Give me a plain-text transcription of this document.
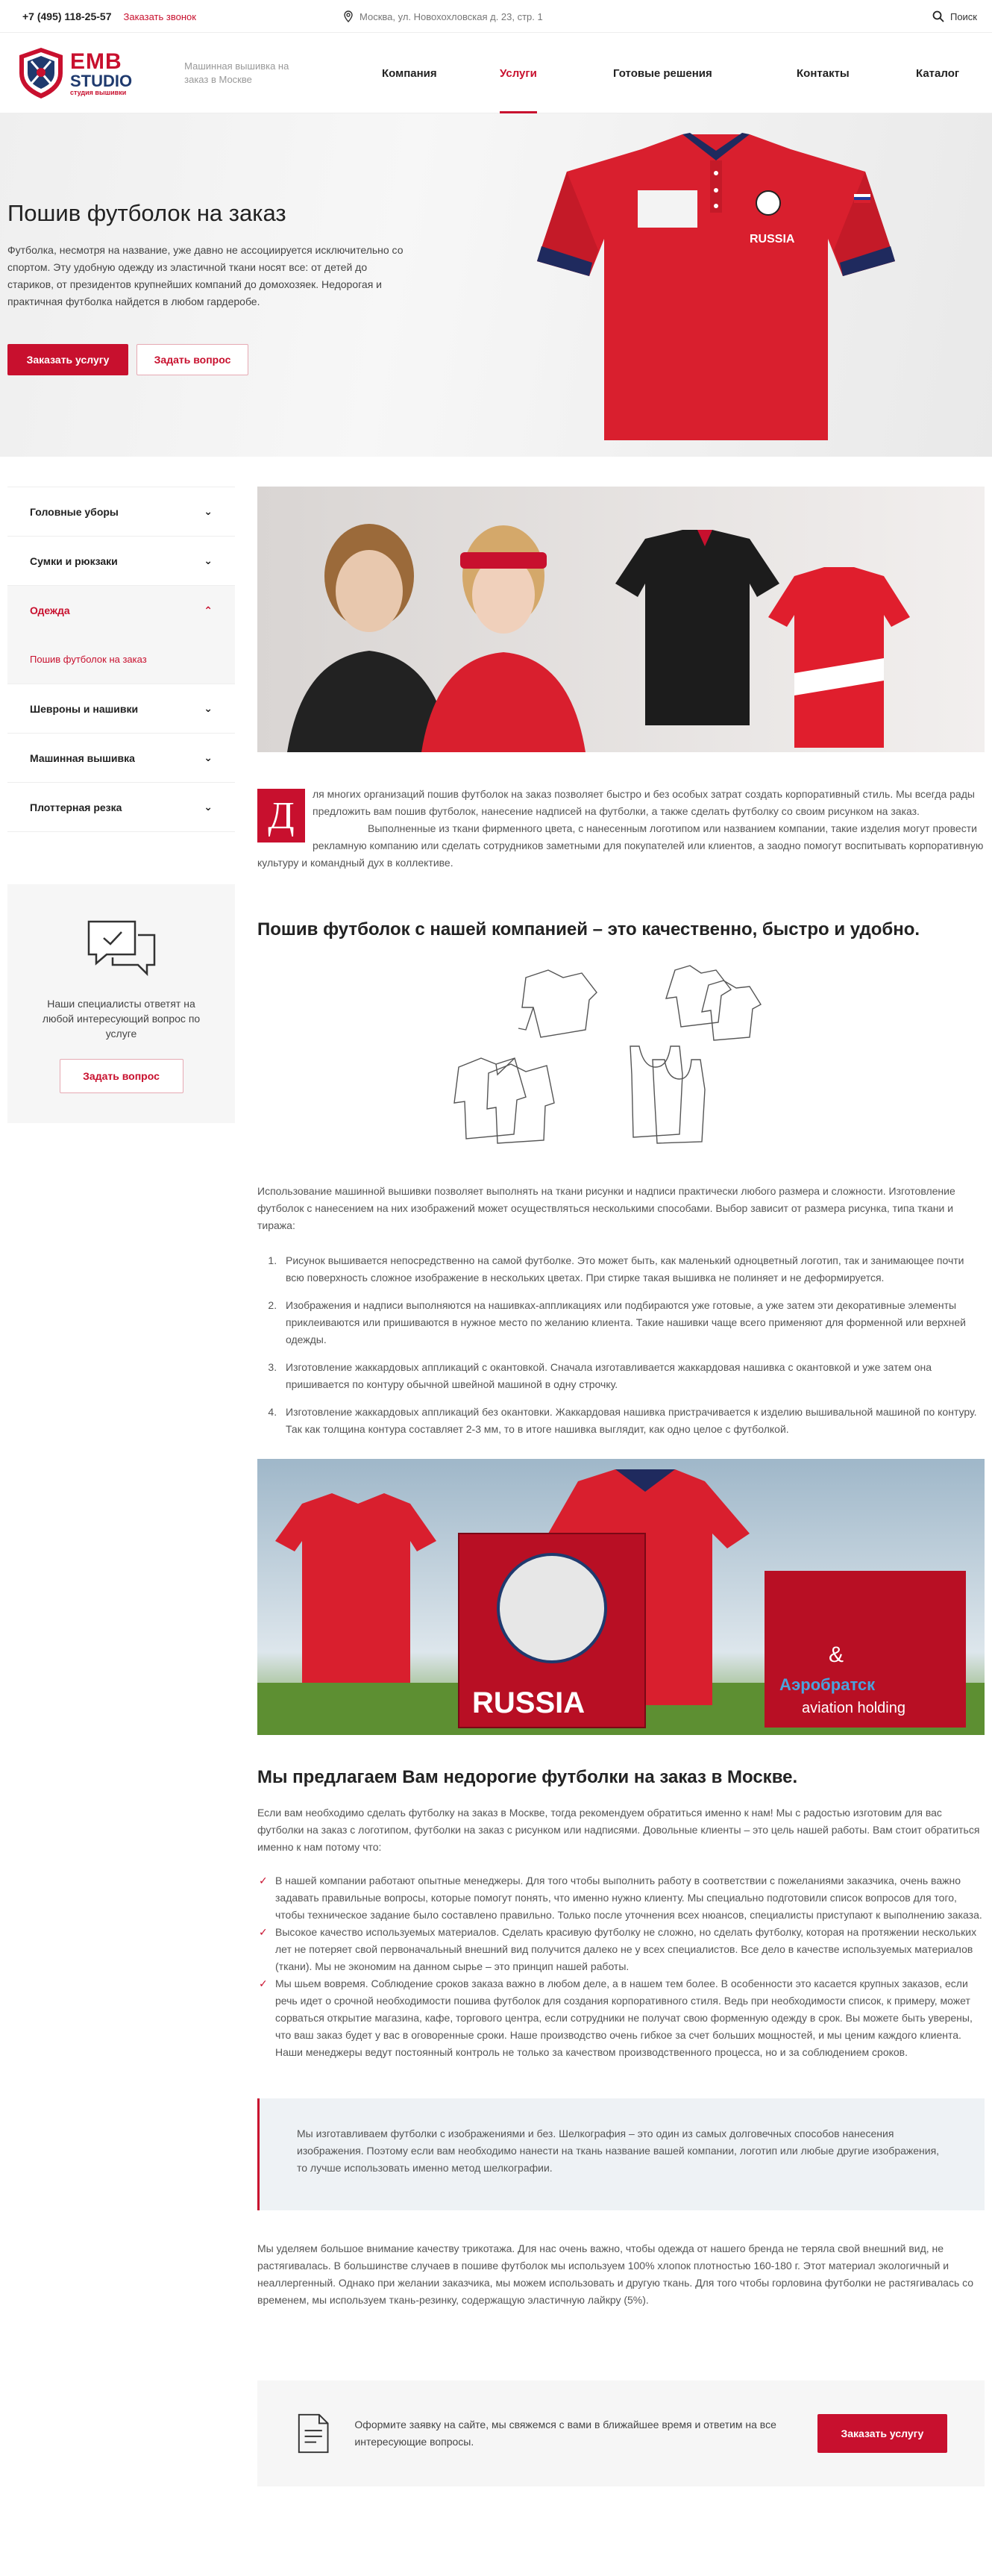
+7 (495) 118-25-57 Заказать звонок	Москва, ул. Новохохловская д. 23, стр. 1	Поиск
EMB
STUDIO
студия вышивки
Машинная вышивка на заказ в Москве	Компания	Услуги	Готовые решения	Контакты	Каталог
Пошив футболок на заказ

Футболка, несмотря на название, уже давно не ассоциируется исключительно со спортом. Эту удобную одежду из эластичной ткани носят все: от детей до стариков, от президентов крупнейших компаний до домохозяек. Недорогая и практичная футболка найдется в любом гардеробе.

Заказать услугу	Задать вопрос
RUSSIA
Головные уборы	⌄
Сумки и рюкзаки	⌄
Одежда	⌃
Пошив футболок на заказ
Шевроны и нашивки	⌄
Машинная вышивка	⌄
Плоттерная резка	⌄

Наши специалисты ответят на любой интересующий вопрос по услуге

Задать вопрос
Д

ля многих организаций пошив футболок на заказ позволяет быстро и без особых затрат создать корпоративный стиль. Мы всегда рады предложить вам пошив футболок, нанесение надписей на футболки, а также сделать футболку со своим рисунком на заказ.

Выполненные из ткани фирменного цвета, с нанесенным логотипом или названием компании, такие изделия могут провести рекламную компанию или сделать сотрудников заметными для покупателей или клиентов, а заодно помогут воспитывать корпоративную культуру и командный дух в коллективе.

Пошив футболок с нашей компанией – это качественно, быстро и удобно.

Использование машинной вышивки позволяет выполнять на ткани рисунки и надписи практически любого размера и сложности. Изготовление футболок с нанесением на них изображений может осуществляться несколькими способами. Выбор зависит от размера рисунка, типа ткани и тиража:

1. Рисунок вышивается непосредственно на самой футболке. Это может быть, как маленький одноцветный логотип, так и занимающее почти всю поверхность сложное изображение в нескольких цветах. При стирке такая вышивка не полиняет и не деформируется.
2. Изображения и надписи выполняются на нашивках-аппликациях или подбираются уже готовые, а уже затем эти декоративные элементы приклеиваются или пришиваются в нужное место по желанию клиента. Такие нашивки чаще всего применяют для форменной или верхней одежды.
3. Изготовление жаккардовых аппликаций с окантовкой. Сначала изготавливается жаккардовая нашивка с окантовкой и уже затем она пришивается по контуру обычной швейной машиной в одну строчку.
4. Изготовление жаккардовых аппликаций без окантовки. Жаккардовая нашивка пристрачивается к изделию вышивальной машиной по контуру. Так как толщина контура составляет 2-3 мм, то в итоге нашивка выглядит, как одно целое с футболкой.
RUSSIA
&
Аэробратск
aviation holding
Мы предлагаем Вам недорогие футболки на заказ в Москве.

Если вам необходимо сделать футболку на заказ в Москве, тогда рекомендуем обратиться именно к нам! Мы с радостью изготовим для вас футболки на заказ с логотипом, футболки на заказ с рисунком или надписями. Довольные клиенты – это цель нашей работы. Вам стоит обратиться именно к нам потому что:

✓ В нашей компании работают опытные менеджеры. Для того чтобы выполнить работу в соответствии с пожеланиями заказчика, очень важно задавать правильные вопросы, которые помогут понять, что именно нужно клиенту. Мы специально подготовили список вопросов для того, чтобы техническое задание было составлено правильно. Только после уточнения всех нюансов, специалисты приступают к выполнению заказа.
✓ Высокое качество используемых материалов. Сделать красивую футболку не сложно, но сделать футболку, которая на протяжении нескольких лет не потеряет свой первоначальный внешний вид получится далеко не у всех специалистов. Все дело в качестве используемых материалов (ткани). Мы не экономим на данном сырье – это принцип нашей работы.
✓ Мы шьем вовремя. Соблюдение сроков заказа важно в любом деле, а в нашем тем более. В особенности это касается крупных заказов, если речь идет о срочной необходимости пошива футболок для создания корпоративного стиля. Ведь при необходимости список, к примеру, может сорваться открытие магазина, кафе, торгового центра, если сотрудники не получат свою форменную одежду в срок. Вы можете быть уверены, что ваш заказ будет у вас в оговоренные сроки. Наше производство очень гибкое за счет больших мощностей, и мы ценим каждого клиента. Наши менеджеры ведут постоянный контроль не только за качеством производственного процесса, но и за соблюдением сроков.
Мы изготавливаем футболки с изображениями и без. Шелкография – это один из самых долговечных способов нанесения изображения. Поэтому если вам необходимо нанести на ткань название вашей компании, логотип или любые другие изображения, то лучше использовать именно метод шелкографии.

Мы уделяем большое внимание качеству трикотажа. Для нас очень важно, чтобы одежда от нашего бренда не теряла свой внешний вид, не растягивалась. В большинстве случаев в пошиве футболок мы используем 100% хлопок плотностью 160-180 г. Этот материал экологичный и неаллергенный. Однако при желании заказчика, мы можем использовать и другую ткань. Для того чтобы горловина футболки не растягивалась со временем, мы используем ткань-резинку, содержащую эластичную лайкру (5%).

Оформите заявку на сайте, мы свяжемся с вами в ближайшее время и ответим на все интересующие вопросы.

Заказать услугу
